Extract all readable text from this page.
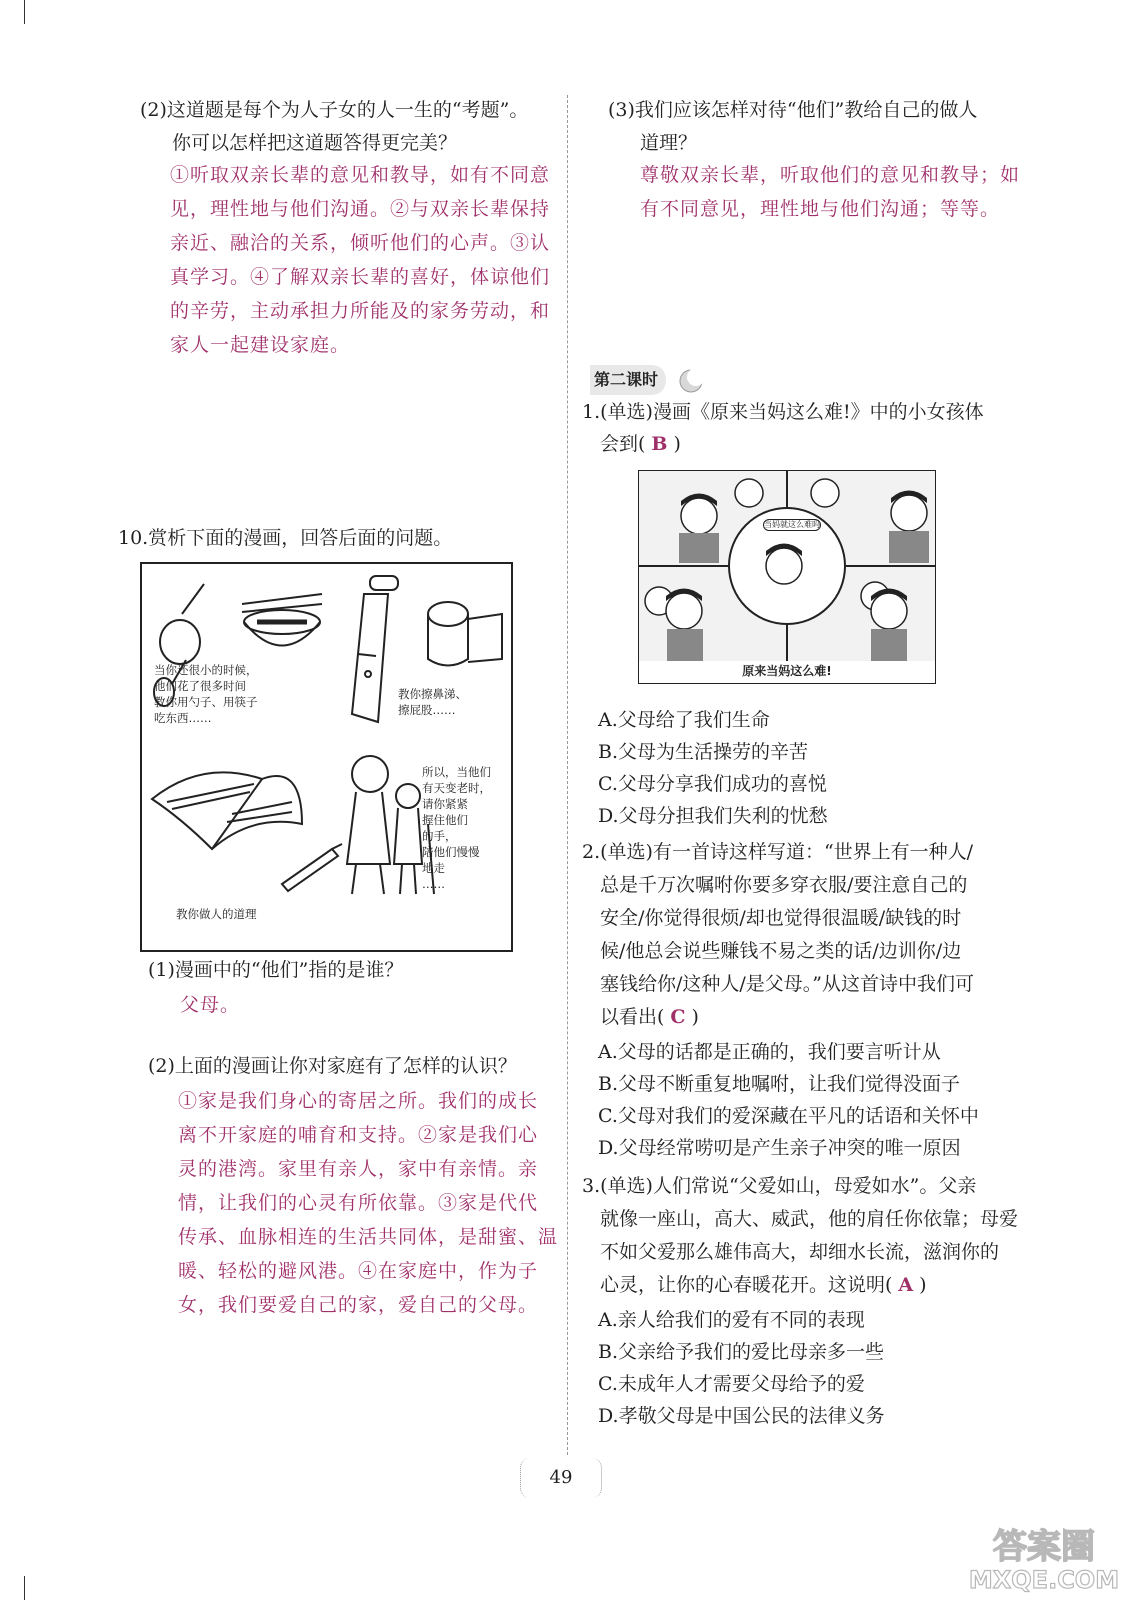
(2)这道题是每个为人子女的人一生的“考题”。
你可以怎样把这道题答得更完美？
①听取双亲长辈的意见和教导，如有不同意
见，理性地与他们沟通。②与双亲长辈保持
亲近、融洽的关系，倾听他们的心声。③认
真学习。④了解双亲长辈的喜好，体谅他们
的辛劳，主动承担力所能及的家务劳动，和
家人一起建设家庭。
10.赏析下面的漫画，回答后面的问题。
当你还很小的时候，
他们花了很多时间
教你用勺子、用筷子
吃东西……
教你擦鼻涕、
擦屁股……
所以，当他们
有天变老时，
请你紧紧
握住他们
的手，
陪他们慢慢
地走
……
教你做人的道理
(1)漫画中的“他们”指的是谁？
父母。
(2)上面的漫画让你对家庭有了怎样的认识？
①家是我们身心的寄居之所。我们的成长
离不开家庭的哺育和支持。②家是我们心
灵的港湾。家里有亲人，家中有亲情。亲
情，让我们的心灵有所依靠。③家是代代
传承、血脉相连的生活共同体，是甜蜜、温
暖、轻松的避风港。④在家庭中，作为子
女，我们要爱自己的家，爱自己的父母。
(3)我们应该怎样对待“他们”教给自己的做人
道理？
尊敬双亲长辈，听取他们的意见和教导；如
有不同意见，理性地与他们沟通；等等。
第二课时
1.(单选)漫画《原来当妈这么难!》中的小女孩体
会到( B )
当妈就这么难吗
原来当妈这么难!
A.父母给了我们生命
B.父母为生活操劳的辛苦
C.父母分享我们成功的喜悦
D.父母分担我们失利的忧愁
2.(单选)有一首诗这样写道：“世界上有一种人/
总是千万次嘱咐你要多穿衣服/要注意自己的
安全/你觉得很烦/却也觉得很温暖/缺钱的时
候/他总会说些赚钱不易之类的话/边训你/边
塞钱给你/这种人/是父母。”从这首诗中我们可
以看出( C )
A.父母的话都是正确的，我们要言听计从
B.父母不断重复地嘱咐，让我们觉得没面子
C.父母对我们的爱深藏在平凡的话语和关怀中
D.父母经常唠叨是产生亲子冲突的唯一原因
3.(单选)人们常说“父爱如山，母爱如水”。父亲
就像一座山，高大、威武，他的肩任你依靠；母爱
不如父爱那么雄伟高大，却细水长流，滋润你的
心灵，让你的心春暖花开。这说明( A )
A.亲人给我们的爱有不同的表现
B.父亲给予我们的爱比母亲多一些
C.未成年人才需要父母给予的爱
D.孝敬父母是中国公民的法律义务
49
答案圈
MXQE.COM
